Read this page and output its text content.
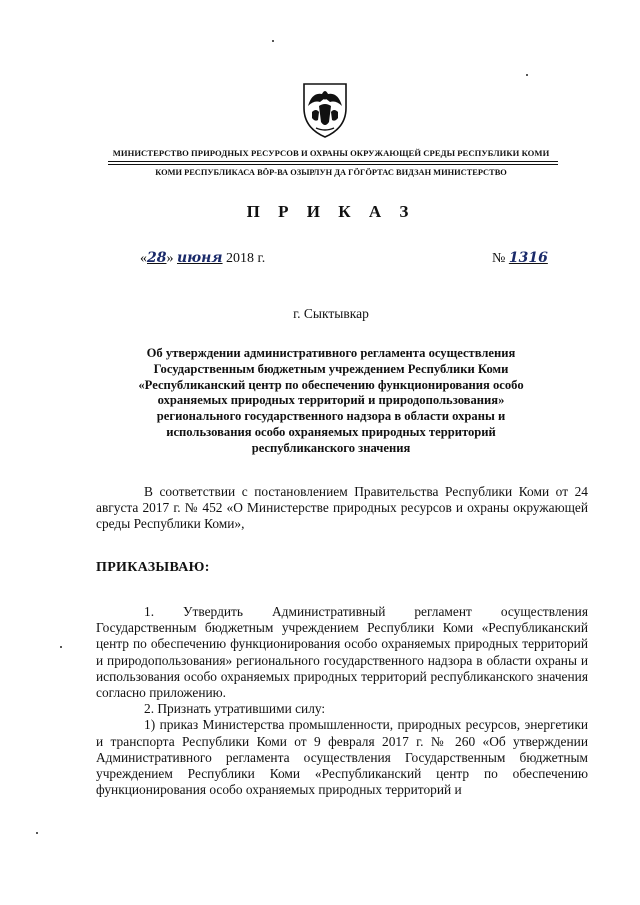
МИНИСТЕРСТВО ПРИРОДНЫХ РЕСУРСОВ И ОХРАНЫ ОКРУЖАЮЩЕЙ СРЕДЫ РЕСПУБЛИКИ КОМИ
КОМИ РЕСПУБЛИКАСА ВӦР-ВА ОЗЫРЛУН ДА ГӦГӦРТАС ВИДЗАН МИНИСТЕРСТВО
П Р И К А З
«28» июня 2018 г.	№ 1316
г. Сыктывкар
Об утверждении административного регламента осуществления
Государственным бюджетным учреждением Республики Коми
«Республиканский центр по обеспечению функционирования особо
охраняемых природных территорий и природопользования»
регионального государственного надзора в области охраны и
использования особо охраняемых природных территорий
республиканского значения
В соответствии с постановлением Правительства Республики Коми от 24 августа 2017 г. № 452 «О Министерстве природных ресурсов и охраны окружающей среды Республики Коми»,
ПРИКАЗЫВАЮ:

1. Утвердить Административный регламент осуществления Государственным бюджетным учреждением Республики Коми «Республиканский центр по обеспечению функционирования особо охраняемых природных территорий и природопользования» регионального государственного надзора в области охраны и использования особо охраняемых природных территорий республиканского значения согласно приложению.

2. Признать утратившими силу:

1) приказ Министерства промышленности, природных ресурсов, энергетики и транспорта Республики Коми от 9 февраля 2017 г. № 260 «Об утверждении Административного регламента осуществления Государственным бюджетным учреждением Республики Коми «Республиканский центр по обеспечению функционирования особо охраняемых природных территорий и
